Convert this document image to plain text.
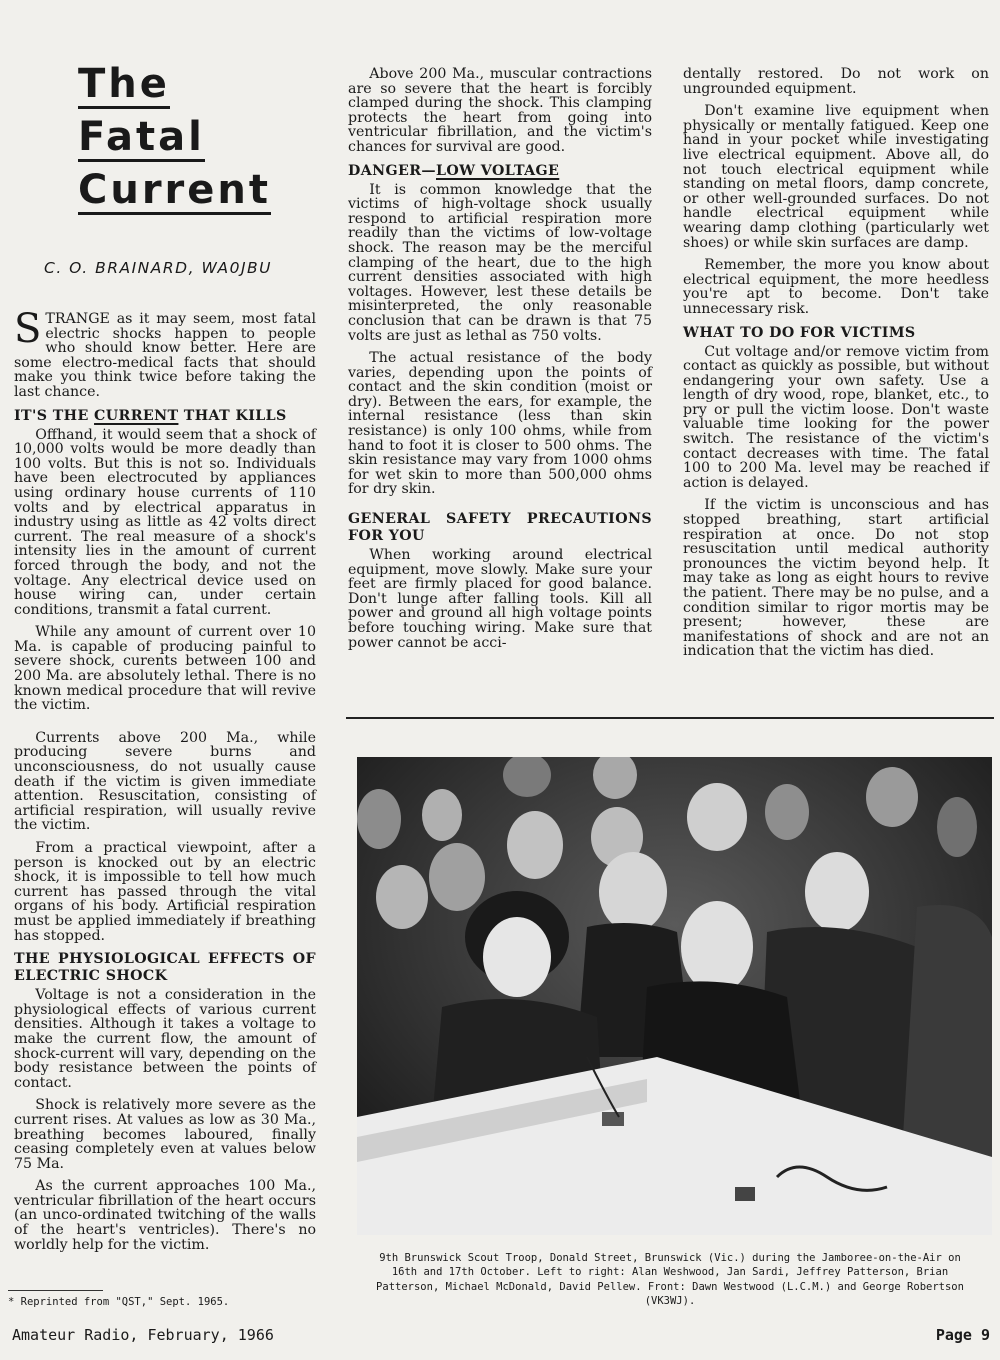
The
Fatal
Current
C. O. BRAINARD, WA0JBU
STRANGE as it may seem, most fatal electric shocks happen to people who should know better. Here are some electro-medical facts that should make you think twice before taking the last chance.
IT'S THE CURRENT THAT KILLS

Offhand, it would seem that a shock of 10,000 volts would be more deadly than 100 volts. But this is not so. Individuals have been electrocuted by appliances using ordinary house currents of 110 volts and by electrical apparatus in industry using as little as 42 volts direct current. The real measure of a shock's intensity lies in the amount of current forced through the body, and not the voltage. Any electrical device used on house wiring can, under certain conditions, transmit a fatal current.

While any amount of current over 10 Ma. is capable of producing painful to severe shock, curents between 100 and 200 Ma. are absolutely lethal. There is no known medical procedure that will revive the victim.

Currents above 200 Ma., while producing severe burns and unconsciousness, do not usually cause death if the victim is given immediate attention. Resuscitation, consisting of artificial respiration, will usually revive the victim.

From a practical viewpoint, after a person is knocked out by an electric shock, it is impossible to tell how much current has passed through the vital organs of his body. Artificial respiration must be applied immediately if breathing has stopped.

THE PHYSIOLOGICAL EFFECTS OF ELECTRIC SHOCK

Voltage is not a consideration in the physiological effects of various current densities. Although it takes a voltage to make the current flow, the amount of shock-current will vary, depending on the body resistance between the points of contact.

Shock is relatively more severe as the current rises. At values as low as 30 Ma., breathing becomes laboured, finally ceasing completely even at values below 75 Ma.

As the current approaches 100 Ma., ventricular fibrillation of the heart occurs (an unco-ordinated twitching of the walls of the heart's ventricles). There's no worldly help for the victim.

* Reprinted from "QST," Sept. 1965.

Above 200 Ma., muscular contractions are so severe that the heart is forcibly clamped during the shock. This clamping protects the heart from going into ventricular fibrillation, and the victim's chances for survival are good.

DANGER—LOW VOLTAGE

It is common knowledge that the victims of high-voltage shock usually respond to artificial respiration more readily than the victims of low-voltage shock. The reason may be the merciful clamping of the heart, due to the high current densities associated with high voltages. However, lest these details be misinterpreted, the only reasonable conclusion that can be drawn is that 75 volts are just as lethal as 750 volts.

The actual resistance of the body varies, depending upon the points of contact and the skin condition (moist or dry). Between the ears, for example, the internal resistance (less than skin resistance) is only 100 ohms, while from hand to foot it is closer to 500 ohms. The skin resistance may vary from 1000 ohms for wet skin to more than 500,000 ohms for dry skin.

GENERAL SAFETY PRECAUTIONS FOR YOU

When working around electrical equipment, move slowly. Make sure your feet are firmly placed for good balance. Don't lunge after falling tools. Kill all power and ground all high voltage points before touching wiring. Make sure that power cannot be acci-

dentally restored. Do not work on ungrounded equipment.

Don't examine live equipment when physically or mentally fatigued. Keep one hand in your pocket while investigating live electrical equipment. Above all, do not touch electrical equipment while standing on metal floors, damp concrete, or other well-grounded surfaces. Do not handle electrical equipment while wearing damp clothing (particularly wet shoes) or while skin surfaces are damp.

Remember, the more you know about electrical equipment, the more heedless you're apt to become. Don't take unnecessary risk.

WHAT TO DO FOR VICTIMS

Cut voltage and/or remove victim from contact as quickly as possible, but without endangering your own safety. Use a length of dry wood, rope, blanket, etc., to pry or pull the victim loose. Don't waste valuable time looking for the power switch. The resistance of the victim's contact decreases with time. The fatal 100 to 200 Ma. level may be reached if action is delayed.

If the victim is unconscious and has stopped breathing, start artificial respiration at once. Do not stop resuscitation until medical authority pronounces the victim beyond help. It may take as long as eight hours to revive the patient. There may be no pulse, and a condition similar to rigor mortis may be present; however, these are manifestations of shock and are not an indication that the victim has died.

9th Brunswick Scout Troop, Donald Street, Brunswick (Vic.) during the Jamboree-on-the-Air on 16th and 17th October. Left to right: Alan Weshwood, Jan Sardi, Jeffrey Patterson, Brian Patterson, Michael McDonald, David Pellew. Front: Dawn Westwood (L.C.M.) and George Robertson (VK3WJ).
Amateur Radio, February, 1966	Page 9
